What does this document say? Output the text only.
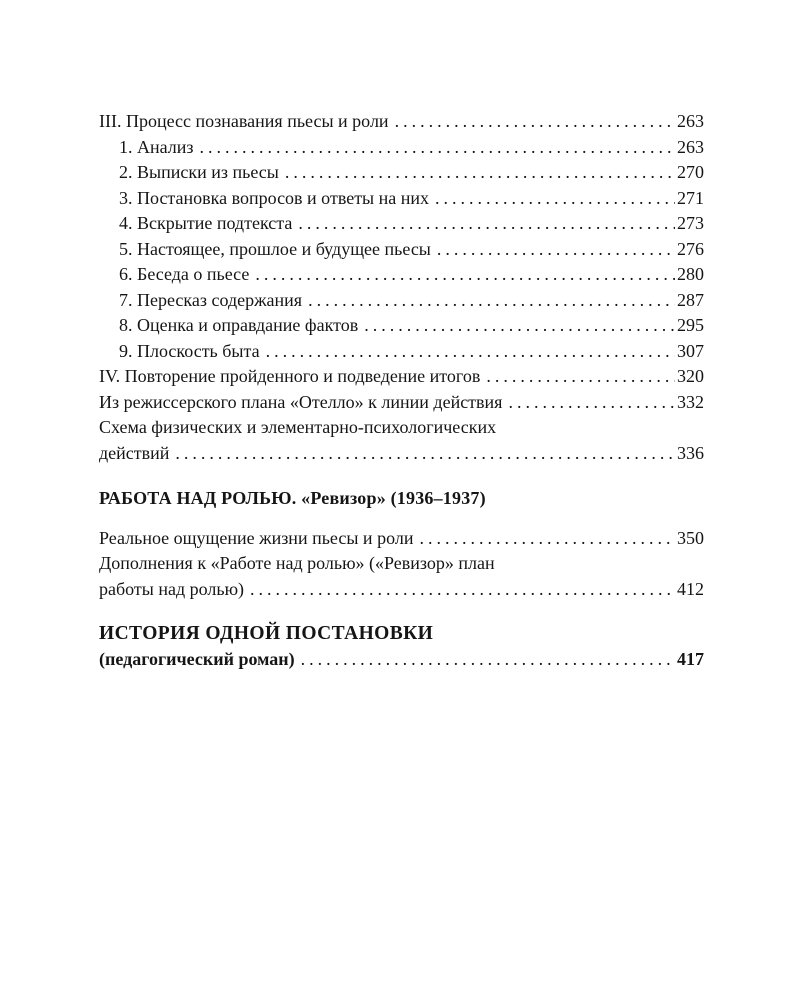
III. Процесс познавания пьесы и роли . . .	263
1. Анализ . . .	263
2. Выписки из пьесы . . .	270
3. Постановка вопросов и ответы на них . . .	271
4. Вскрытие подтекста . . .	273
5. Настоящее, прошлое и будущее пьесы . . .	276
6. Беседа о пьесе . . .	280
7. Пересказ содержания . . .	287
8. Оценка и оправдание фактов . . .	295
9. Плоскость быта . . .	307
IV. Повторение пройденного и подведение итогов . . .	320
Из режиссерского плана «Отелло» к линии действия . . .	332
Схема физических и элементарно-психологических
действий . . .	336
РАБОТА НАД РОЛЬЮ. «Ревизор» (1936–1937)
Реальное ощущение жизни пьесы и роли . . .	350
Дополнения к «Работе над ролью» («Ревизор» план
работы над ролью) . . .	412
ИСТОРИЯ ОДНОЙ ПОСТАНОВКИ
(педагогический роман) . . .	417
